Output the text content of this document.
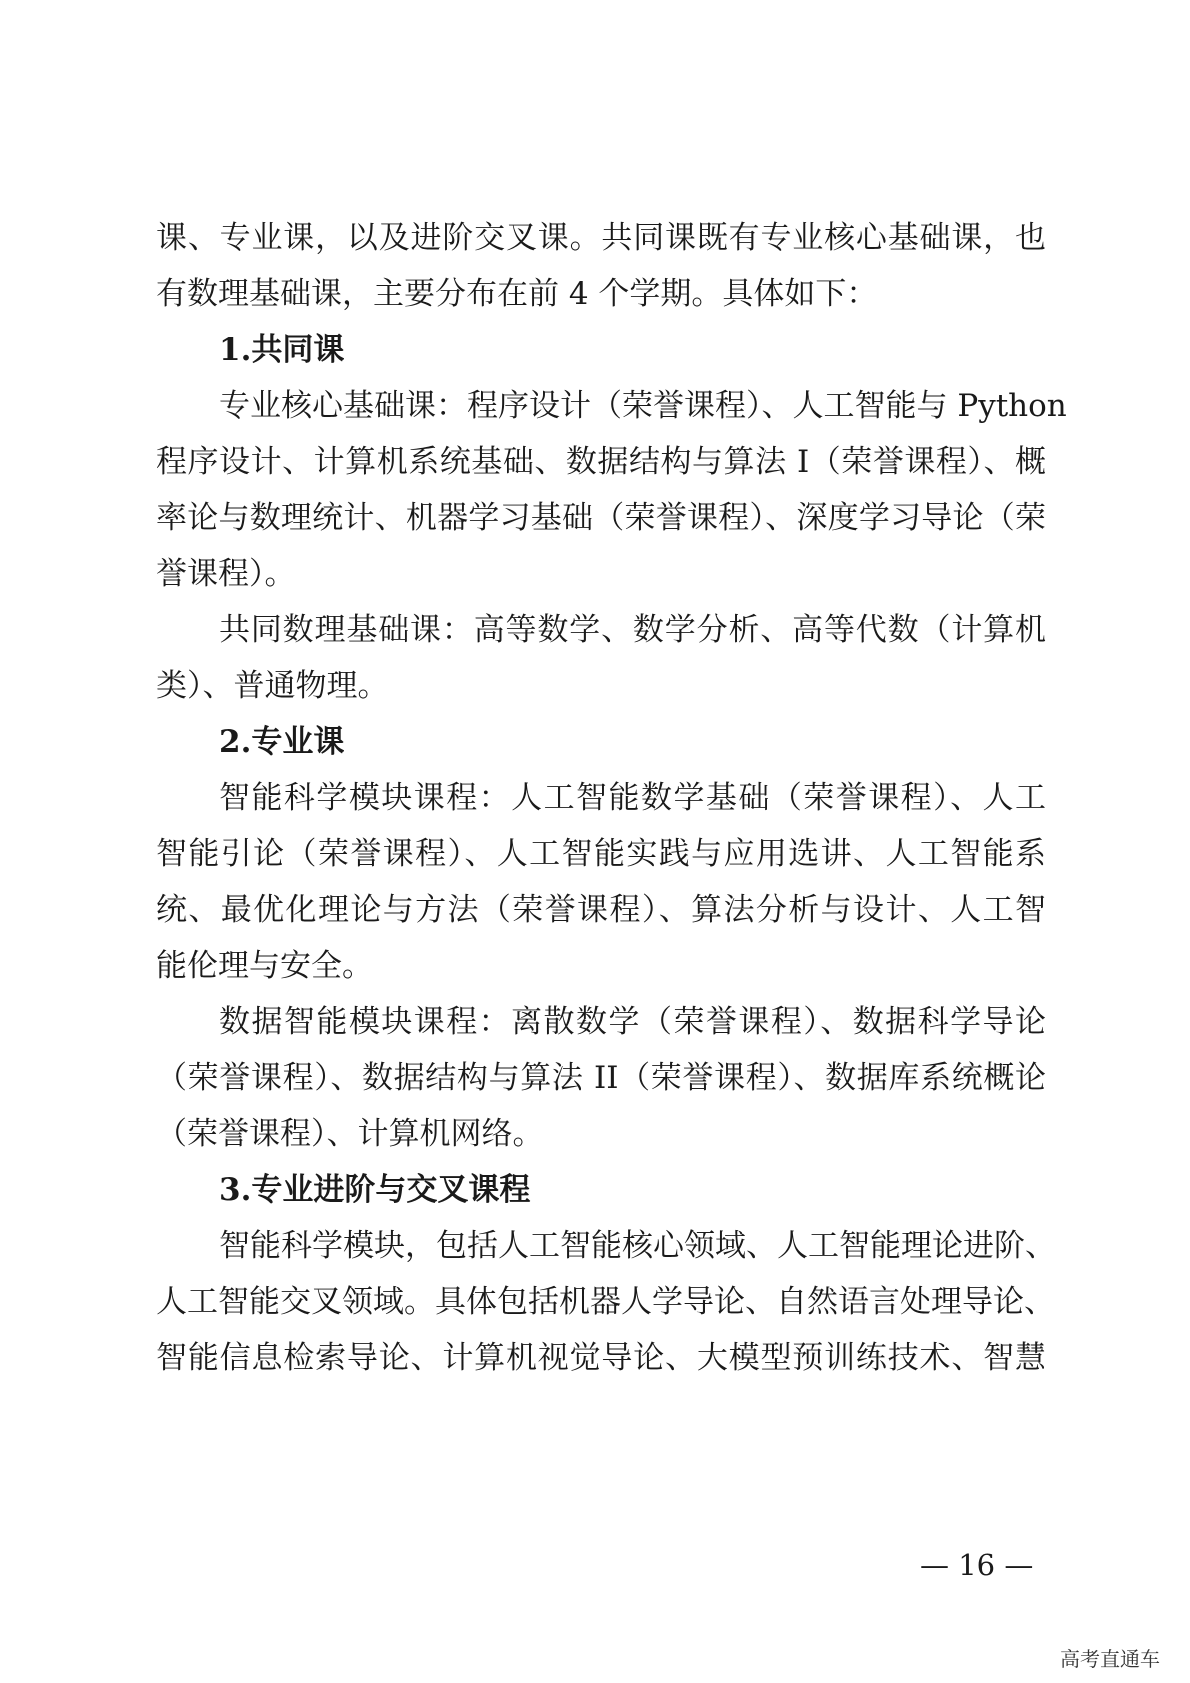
课、专业课，以及进阶交叉课。共同课既有专业核心基础课，也
有数理基础课，主要分布在前 4 个学期。具体如下：
1.共同课
专业核心基础课：程序设计（荣誉课程）、人工智能与 Python
程序设计、计算机系统基础、数据结构与算法 I（荣誉课程）、概
率论与数理统计、机器学习基础（荣誉课程）、深度学习导论（荣
誉课程）。
共同数理基础课：高等数学、数学分析、高等代数（计算机
类）、普通物理。
2.专业课
智能科学模块课程：人工智能数学基础（荣誉课程）、人工
智能引论（荣誉课程）、人工智能实践与应用选讲、人工智能系
统、最优化理论与方法（荣誉课程）、算法分析与设计、人工智
能伦理与安全。
数据智能模块课程：离散数学（荣誉课程）、数据科学导论
（荣誉课程）、数据结构与算法 II（荣誉课程）、数据库系统概论
（荣誉课程）、计算机网络。
3.专业进阶与交叉课程
智能科学模块，包括人工智能核心领域、人工智能理论进阶、
人工智能交叉领域。具体包括机器人学导论、自然语言处理导论、
智能信息检索导论、计算机视觉导论、大模型预训练技术、智慧
— 16 —
高考直通车
